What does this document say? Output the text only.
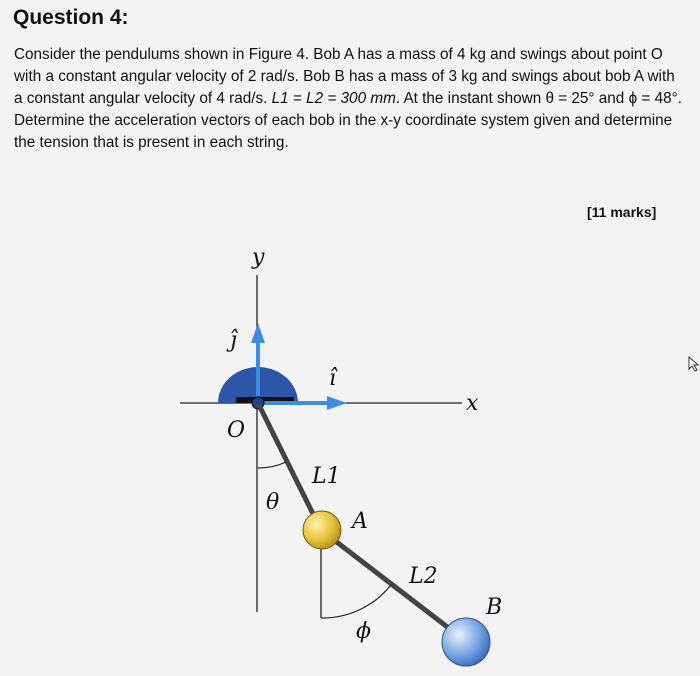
Question 4:

Consider the pendulums shown in Figure 4. Bob A has a mass of 4 kg and swings about point O with a constant angular velocity of 2 rad/s. Bob B has a mass of 3 kg and swings about bob A with a constant angular velocity of 4 rad/s. L1 = L2 = 300 mm. At the instant shown θ = 25° and ϕ = 48°. Determine the acceleration vectors of each bob in the x-y coordinate system given and determine the tension that is present in each string.

[11 marks]

y
x
ĵ
î
O
L1
θ
A
L2
B
ϕ
